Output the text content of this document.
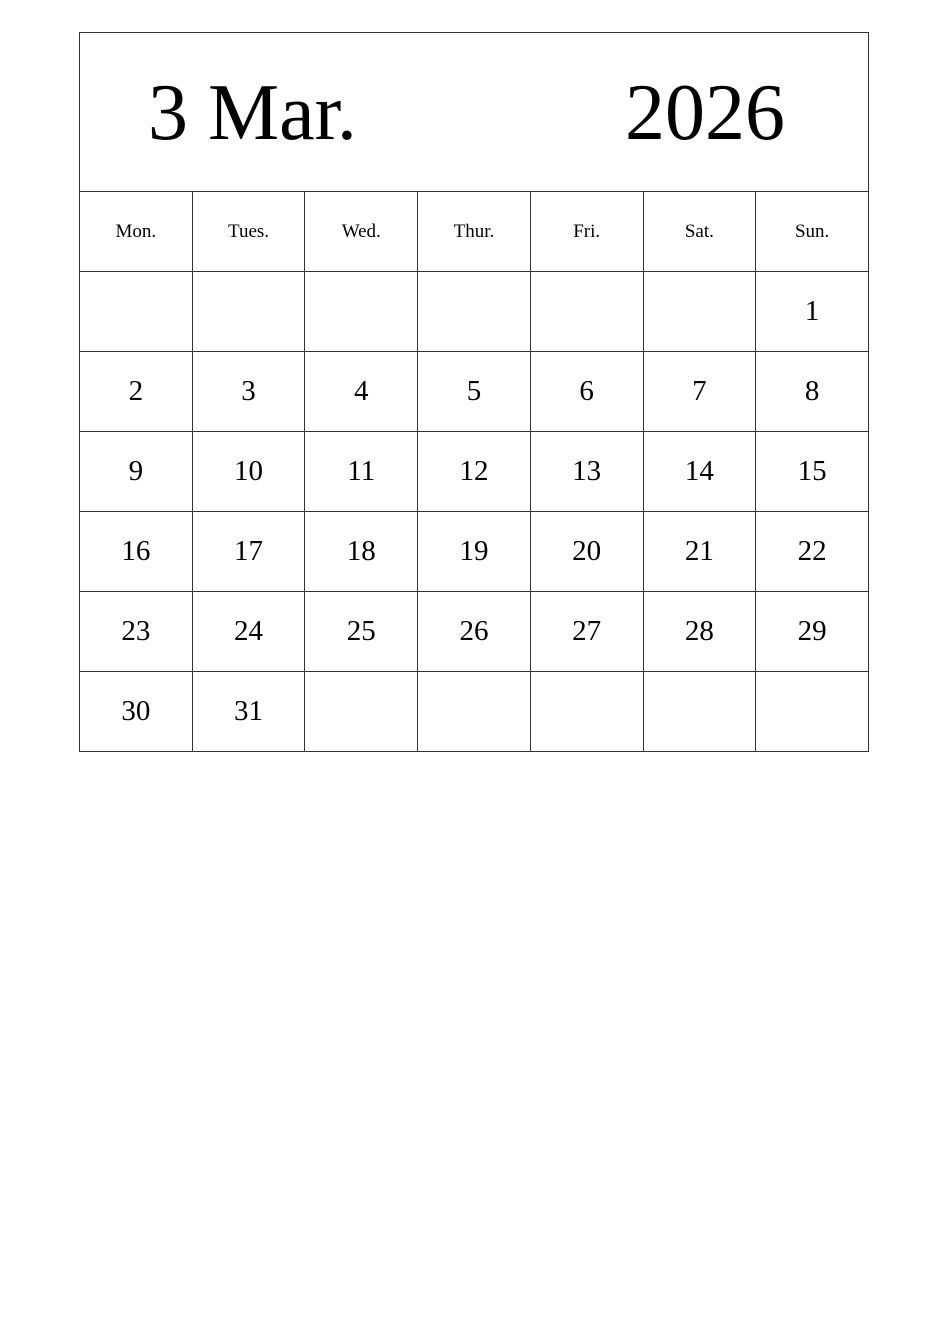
3 Mar. 2026						

Mon.	Tues.	Wed.	Thur.	Fri.	Sat.	Sun.
						1
2	3	4	5	6	7	8
9	10	11	12	13	14	15
16	17	18	19	20	21	22
23	24	25	26	27	28	29
30	31					
